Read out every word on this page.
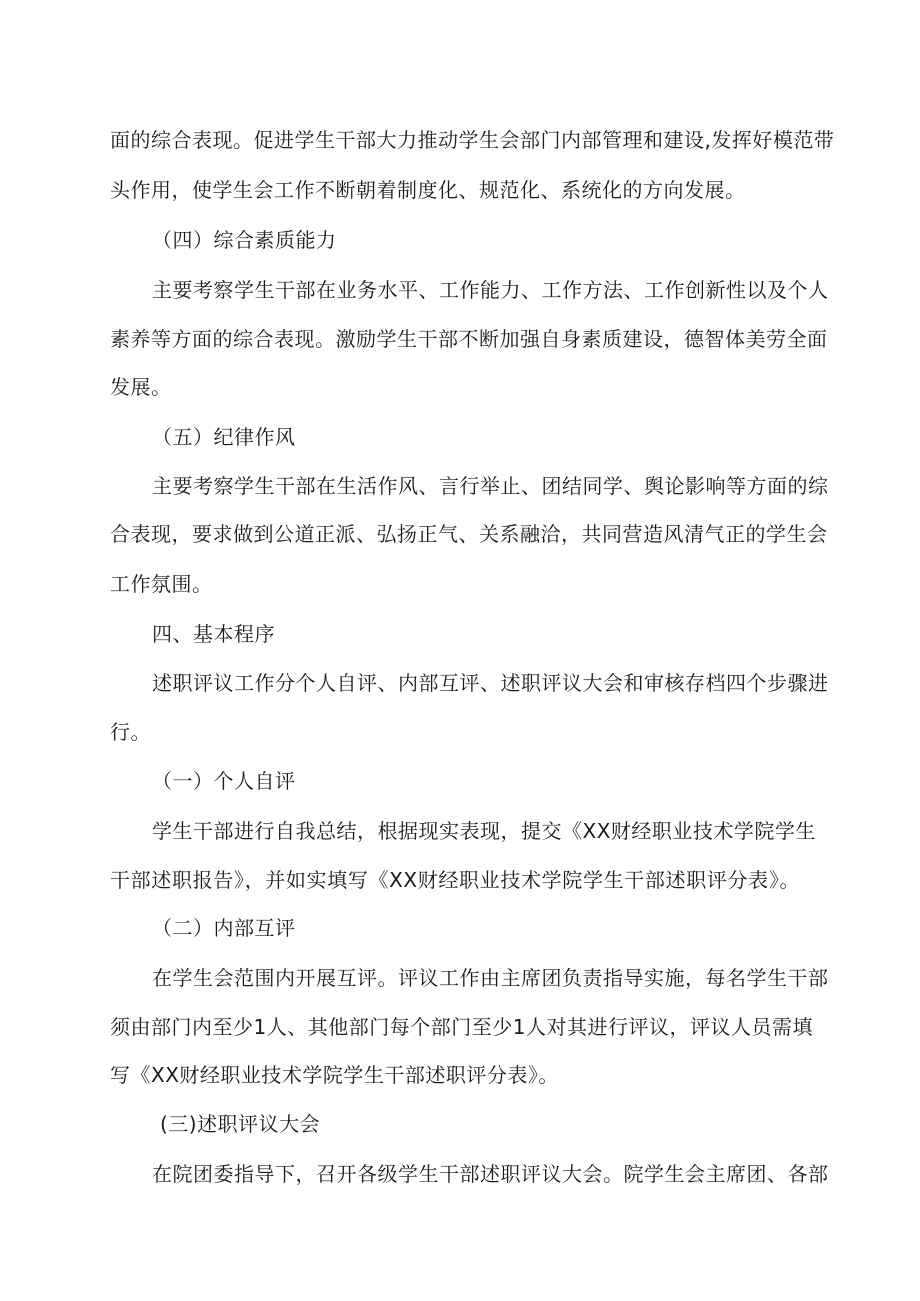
面的综合表现。促进学生干部大力推动学生会部门内部管理和建设,发挥好模范带
头作用，使学生会工作不断朝着制度化、规范化、系统化的方向发展。
（四）综合素质能力
主要考察学生干部在业务水平、工作能力、工作方法、工作创新性以及个人
素养等方面的综合表现。激励学生干部不断加强自身素质建设，德智体美劳全面
发展。
（五）纪律作风
主要考察学生干部在生活作风、言行举止、团结同学、舆论影响等方面的综
合表现，要求做到公道正派、弘扬正气、关系融洽，共同营造风清气正的学生会
工作氛围。
四、基本程序
述职评议工作分个人自评、内部互评、述职评议大会和审核存档四个步骤进
行。
（一）个人自评
学生干部进行自我总结，根据现实表现，提交《XX财经职业技术学院学生
干部述职报告》，并如实填写《XX财经职业技术学院学生干部述职评分表》。
（二）内部互评
在学生会范围内开展互评。评议工作由主席团负责指导实施，每名学生干部
须由部门内至少1人、其他部门每个部门至少1人对其进行评议，评议人员需填
写《XX财经职业技术学院学生干部述职评分表》。
(三)述职评议大会
在院团委指导下，召开各级学生干部述职评议大会。院学生会主席团、各部
